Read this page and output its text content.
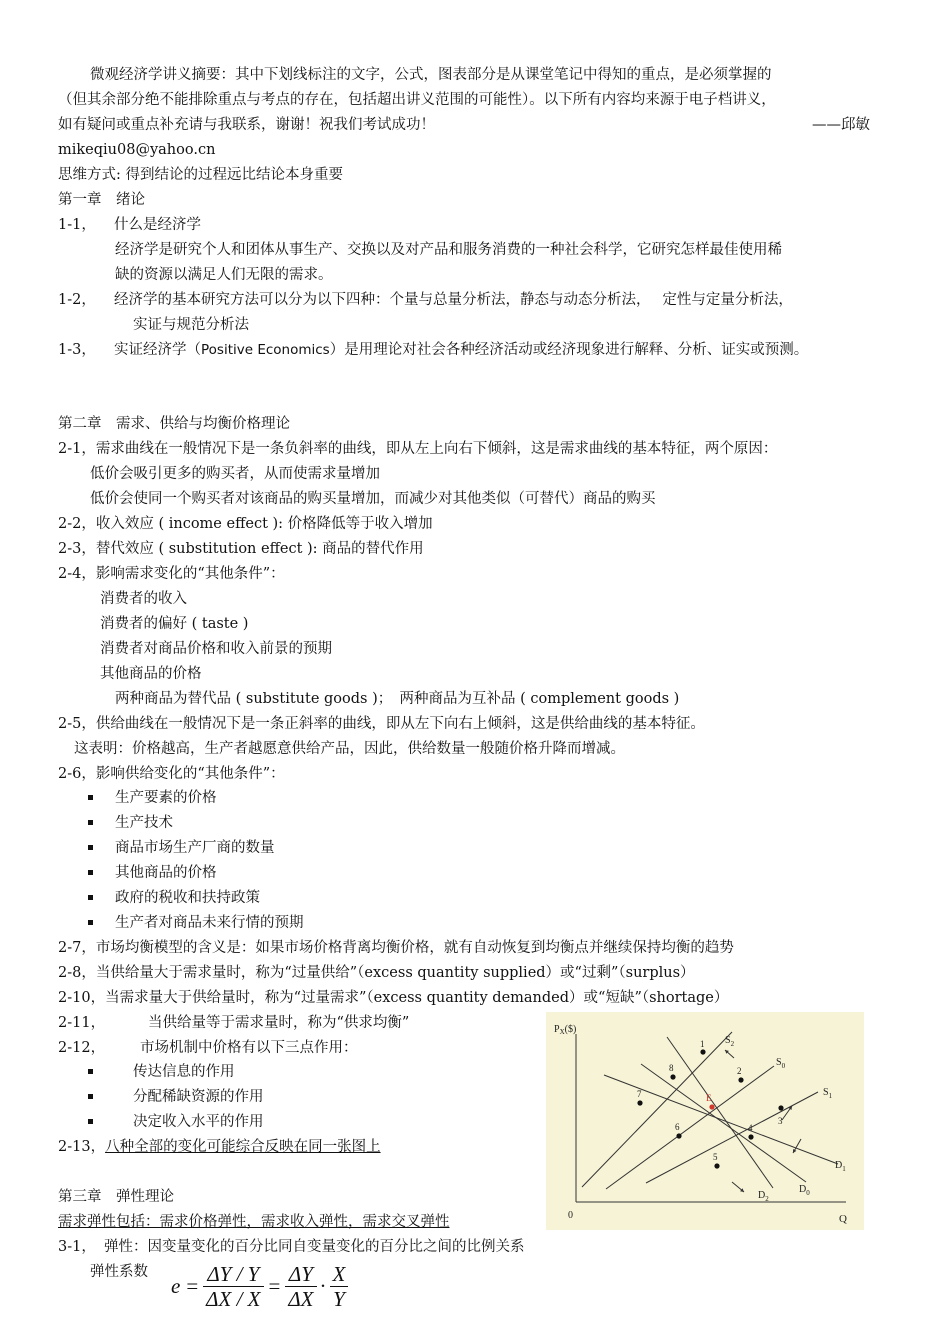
微观经济学讲义摘要：其中下划线标注的文字，公式，图表部分是从课堂笔记中得知的重点，是必须掌握的
（但其余部分绝不能排除重点与考点的存在，包括超出讲义范围的可能性）。以下所有内容均来源于电子档讲义，
如有疑问或重点补充请与我联系，谢谢！祝我们考试成功！	——邱敏
mikeqiu08@yahoo.cn
思维方式: 得到结论的过程远比结论本身重要
第一章　绪论
1-1， 什么是经济学
经济学是研究个人和团体从事生产、交换以及对产品和服务消费的一种社会科学，它研究怎样最佳使用稀
缺的资源以满足人们无限的需求。
1-2， 经济学的基本研究方法可以分为以下四种：个量与总量分析法，静态与动态分析法，　 定性与定量分析法，
实证与规范分析法
1-3， 实证经济学（Positive Economics）是用理论对社会各种经济活动或经济现象进行解释、分析、证实或预测。
第二章　需求、供给与均衡价格理论
2-1，需求曲线在一般情况下是一条负斜率的曲线，即从左上向右下倾斜，这是需求曲线的基本特征，两个原因：
低价会吸引更多的购买者，从而使需求量增加
低价会使同一个购买者对该商品的购买量增加，而减少对其他类似（可替代）商品的购买
2-2，收入效应 ( income effect ): 价格降低等于收入增加
2-3，替代效应 ( substitution effect ): 商品的替代作用
2-4，影响需求变化的“其他条件”：
消费者的收入
消费者的偏好 ( taste )
消费者对商品价格和收入前景的预期
其他商品的价格
两种商品为替代品 ( substitute goods )；　两种商品为互补品 ( complement goods )
2-5，供给曲线在一般情况下是一条正斜率的曲线，即从左下向右上倾斜，这是供给曲线的基本特征。
这表明：价格越高，生产者越愿意供给产品，因此，供给数量一般随价格升降而增减。
2-6，影响供给变化的“其他条件”：
生产要素的价格
生产技术
商品市场生产厂商的数量
其他商品的价格
政府的税收和扶持政策
生产者对商品未来行情的预期
2-7，市场均衡模型的含义是：如果市场价格背离均衡价格，就有自动恢复到均衡点并继续保持均衡的趋势
2-8，当供给量大于需求量时，称为“过量供给”（excess quantity supplied）或“过剩”（surplus）
2-10，当需求量大于供给量时，称为“过量需求”（excess quantity demanded）或“短缺”（shortage）
2-11，	当供给量等于需求量时，称为“供求均衡”
2-12， 市场机制中价格有以下三点作用：
传达信息的作用
分配稀缺资源的作用
决定收入水平的作用
2-13，八种全部的变化可能综合反映在同一张图上
第三章　弹性理论
需求弹性包括：需求价格弹性，需求收入弹性，需求交叉弹性
3-1， 弹性：因变量变化的百分比同自变量变化的百分比之间的比例关系
弹性系数
$e = \frac{\Delta Y / Y}{\Delta X / X} = \frac{\Delta Y}{\Delta X} \cdot \frac{X}{Y}$
$P_X(\$)$
Q
0
$S_2$
$S_0$
$S_1$
$D_1$
$D_0$
$D_2$
1
2
3
4
5
6
7
8
E
